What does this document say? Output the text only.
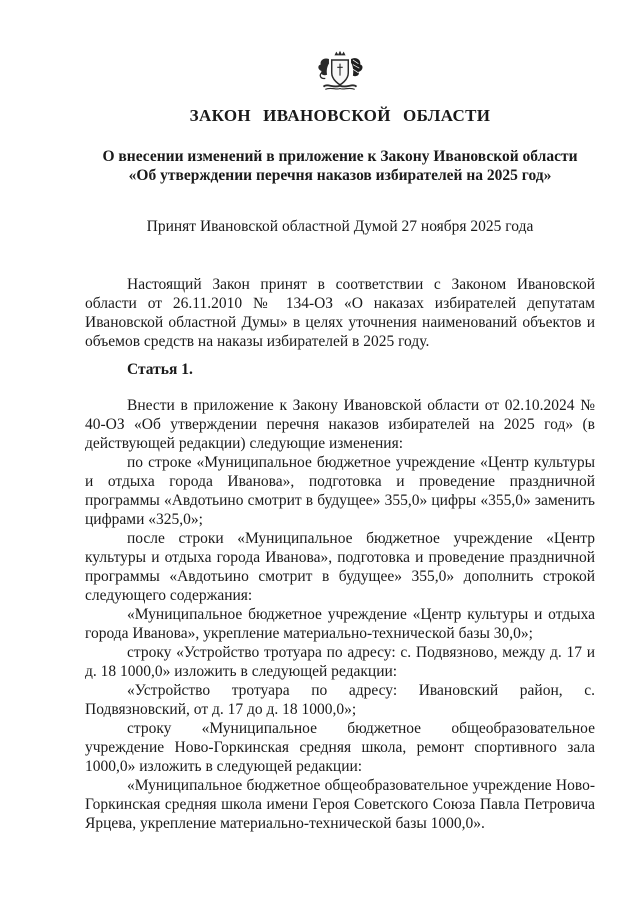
ЗАКОН ИВАНОВСКОЙ ОБЛАСТИ
О внесении изменений в приложение к Закону Ивановской области
«Об утверждении перечня наказов избирателей на 2025 год»
Принят Ивановской областной Думой 27 ноября 2025 года

Настоящий Закон принят в соответствии с Законом Ивановской области от 26.11.2010 № 134-ОЗ «О наказах избирателей депутатам Ивановской областной Думы» в целях уточнения наименований объектов и объемов средств на наказы избирателей в 2025 году.

Статья 1.

Внести в приложение к Закону Ивановской области от 02.10.2024 № 40-ОЗ «Об утверждении перечня наказов избирателей на 2025 год» (в действующей редакции) следующие изменения:

по строке «Муниципальное бюджетное учреждение «Центр культуры и отдыха города Иванова», подготовка и проведение праздничной программы «Авдотьино смотрит в будущее» 355,0» цифры «355,0» заменить цифрами «325,0»;

после строки «Муниципальное бюджетное учреждение «Центр культуры и отдыха города Иванова», подготовка и проведение праздничной программы «Авдотьино смотрит в будущее» 355,0» дополнить строкой следующего содержания:

«Муниципальное бюджетное учреждение «Центр культуры и отдыха города Иванова», укрепление материально-технической базы 30,0»;

строку «Устройство тротуара по адресу: с. Подвязново, между д. 17 и д. 18 1000,0» изложить в следующей редакции:

«Устройство тротуара по адресу: Ивановский район, с. Подвязновский, от д. 17 до д. 18 1000,0»;

строку «Муниципальное бюджетное общеобразовательное учреждение Ново-Горкинская средняя школа, ремонт спортивного зала 1000,0» изложить в следующей редакции:

«Муниципальное бюджетное общеобразовательное учреждение Ново-Горкинская средняя школа имени Героя Советского Союза Павла Петровича Ярцева, укрепление материально-технической базы 1000,0».
